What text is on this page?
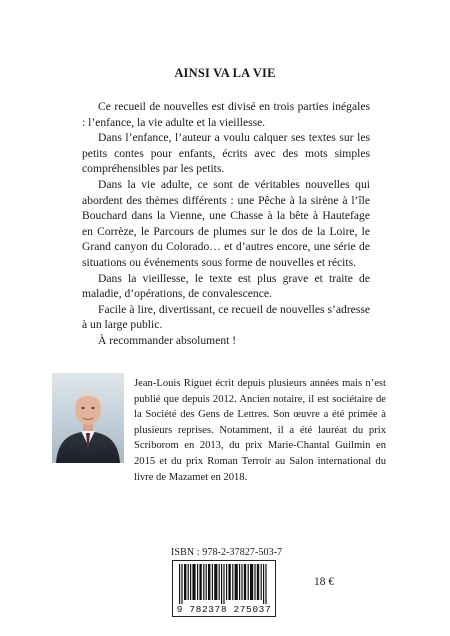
AINSI VA LA VIE

Ce recueil de nouvelles est divisé en trois parties inégales : l’enfance, la vie adulte et la vieillesse.

Dans l’enfance, l’auteur a voulu calquer ses textes sur les petits contes pour enfants, écrits avec des mots simples compréhensibles par les petits.

Dans la vie adulte, ce sont de véritables nouvelles qui abordent des thèmes différents : une Pêche à la sirène à l’île Bouchard dans la Vienne, une Chasse à la bête à Hautefage en Corrèze, le Parcours de plumes sur le dos de la Loire, le Grand canyon du Colorado… et d’autres encore, une série de situations ou événements sous forme de nouvelles et récits.

Dans la vieillesse, le texte est plus grave et traite de maladie, d’opérations, de convalescence.

Facile à lire, divertissant, ce recueil de nouvelles s’adresse à un large public.

À recommander absolument !

Jean-Louis Riguet écrit depuis plusieurs années mais n’est publié que depuis 2012. Ancien notaire, il est sociétaire de la Société des Gens de Lettres. Son œuvre a été primée à plusieurs reprises. Notamment, il a été lauréat du prix Scriborom en 2013, du prix Marie-Chantal Guilmin en 2015 et du prix Roman Terroir au Salon international du livre de Mazamet en 2018.

ISBN : 978-2-37827-503-7
9 782378 275037
18 €
